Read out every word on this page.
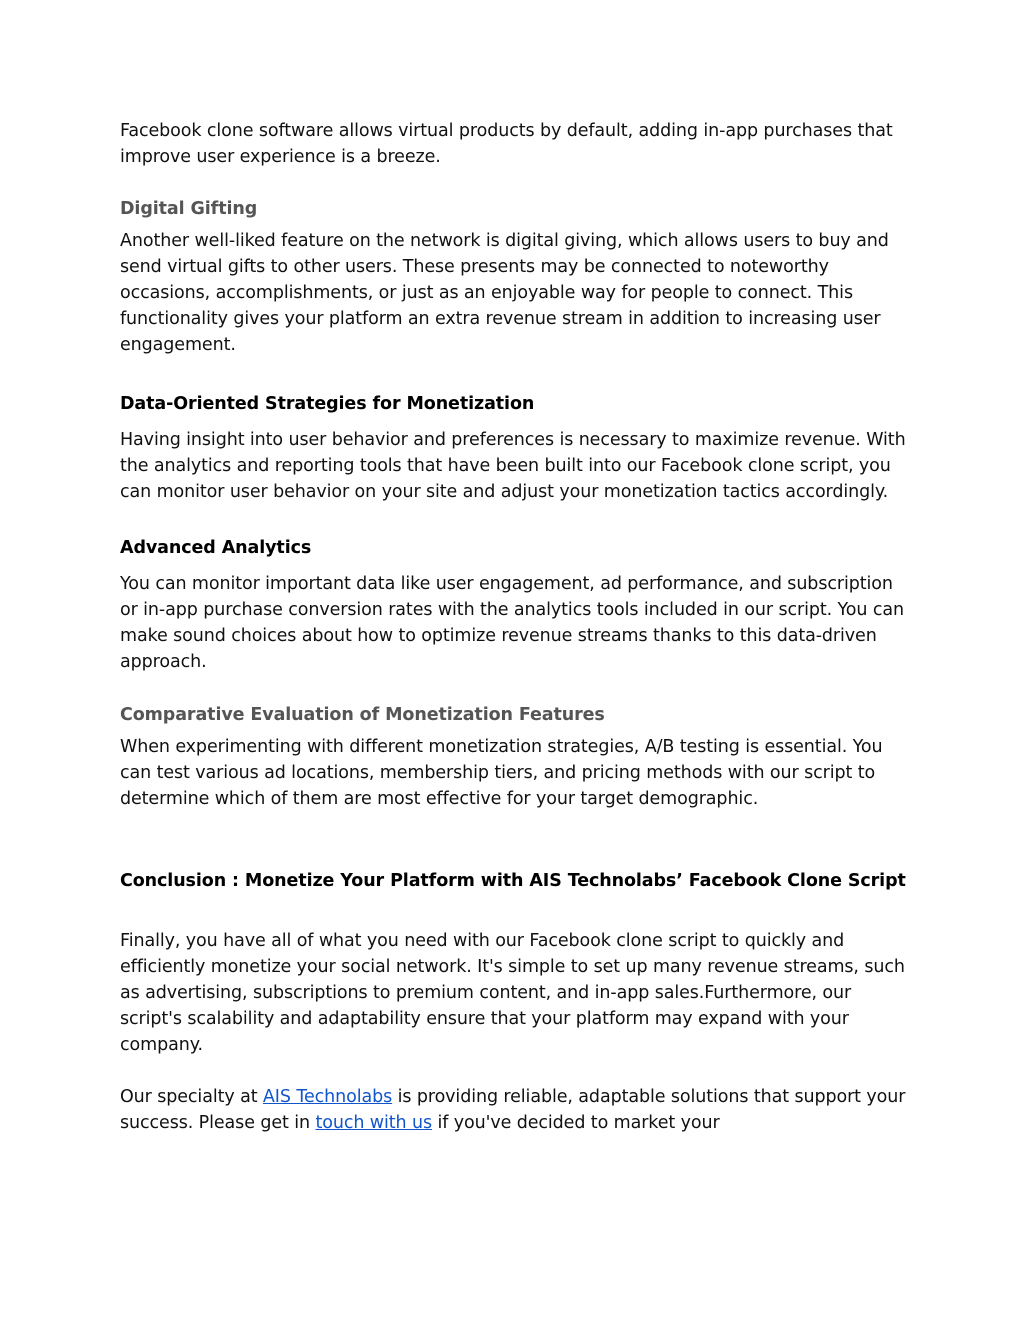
Facebook clone software allows virtual products by default, adding in-app purchases that improve user experience is a breeze.

Digital Gifting

Another well-liked feature on the network is digital giving, which allows users to buy and send virtual gifts to other users. These presents may be connected to noteworthy occasions, accomplishments, or just as an enjoyable way for people to connect. This functionality gives your platform an extra revenue stream in addition to increasing user engagement.

Data-Oriented Strategies for Monetization

Having insight into user behavior and preferences is necessary to maximize revenue. With the analytics and reporting tools that have been built into our Facebook clone script, you can monitor user behavior on your site and adjust your monetization tactics accordingly.

Advanced Analytics

You can monitor important data like user engagement, ad performance, and subscription or in-app purchase conversion rates with the analytics tools included in our script. You can make sound choices about how to optimize revenue streams thanks to this data-driven approach.

Comparative Evaluation of Monetization Features

When experimenting with different monetization strategies, A/B testing is essential. You can test various ad locations, membership tiers, and pricing methods with our script to determine which of them are most effective for your target demographic.

Conclusion : Monetize Your Platform with AIS Technolabs’ Facebook Clone Script

Finally, you have all of what you need with our Facebook clone script to quickly and efficiently monetize your social network. It's simple to set up many revenue streams, such as advertising, subscriptions to premium content, and in-app sales.Furthermore, our script's scalability and adaptability ensure that your platform may expand with your company.

Our specialty at AIS Technolabs is providing reliable, adaptable solutions that support your success. Please get in touch with us if you've decided to market your
